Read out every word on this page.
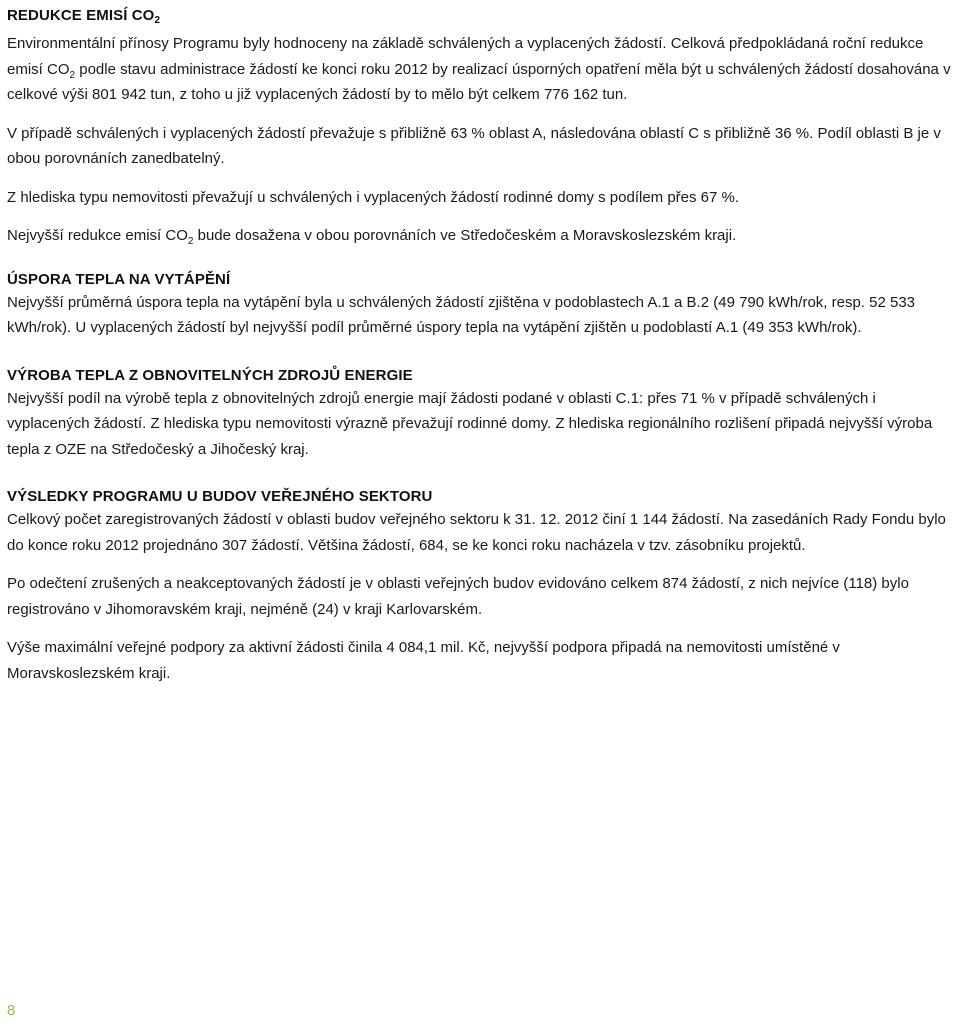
REDUKCE EMISÍ $CO_2$

Environmentální přínosy Programu byly hodnoceny na základě schválených a vyplacených žádostí. Celková předpokládaná roční redukce emisí $CO_2$ podle stavu administrace žádostí ke konci roku 2012 by realizací úsporných opatření měla být u schválených žádostí dosahována v celkové výši 801 942 tun, z toho u již vyplacených žádostí by to mělo být celkem 776 162 tun.

V případě schválených i vyplacených žádostí převažuje s přibližně 63 % oblast A, následována oblastí C s přibližně 36 %. Podíl oblasti B je v obou porovnáních zanedbatelný.

Z hlediska typu nemovitosti převažují u schválených i vyplacených žádostí rodinné domy s podílem přes 67 %.

Nejvyšší redukce emisí $CO_2$ bude dosažena v obou porovnáních ve Středočeském a Moravskoslezském kraji.

ÚSPORA TEPLA NA VYTÁPĚNÍ

Nejvyšší průměrná úspora tepla na vytápění byla u schválených žádostí zjištěna v podoblastech A.1 a B.2 (49 790 kWh/rok, resp. 52 533 kWh/rok). U vyplacených žádostí byl nejvyšší podíl průměrné úspory tepla na vytápění zjištěn u podoblastí A.1 (49 353 kWh/rok).

VÝROBA TEPLA Z OBNOVITELNÝCH ZDROJŮ ENERGIE

Nejvyšší podíl na výrobě tepla z obnovitelných zdrojů energie mají žádosti podané v oblasti C.1: přes 71 % v případě schválených i vyplacených žádostí. Z hlediska typu nemovitosti výrazně převažují rodinné domy. Z hlediska regionálního rozlišení připadá nejvyšší výroba tepla z OZE na Středočeský a Jihočeský kraj.

VÝSLEDKY PROGRAMU U BUDOV VEŘEJNÉHO SEKTORU

Celkový počet zaregistrovaných žádostí v oblasti budov veřejného sektoru k 31. 12. 2012 činí 1 144 žádostí. Na zasedáních Rady Fondu bylo do konce roku 2012 projednáno 307 žádostí. Většina žádostí, 684, se ke konci roku nacházela v tzv. zásobníku projektů.

Po odečtení zrušených a neakceptovaných žádostí je v oblasti veřejných budov evidováno celkem 874 žádostí, z nich nejvíce (118) bylo registrováno v Jihomoravském kraji, nejméně (24) v kraji Karlovarském.

Výše maximální veřejné podpory za aktivní žádosti činila 4 084,1 mil. Kč, nejvyšší podpora připadá na nemovitosti umístěné v Moravskoslezském kraji.

8
